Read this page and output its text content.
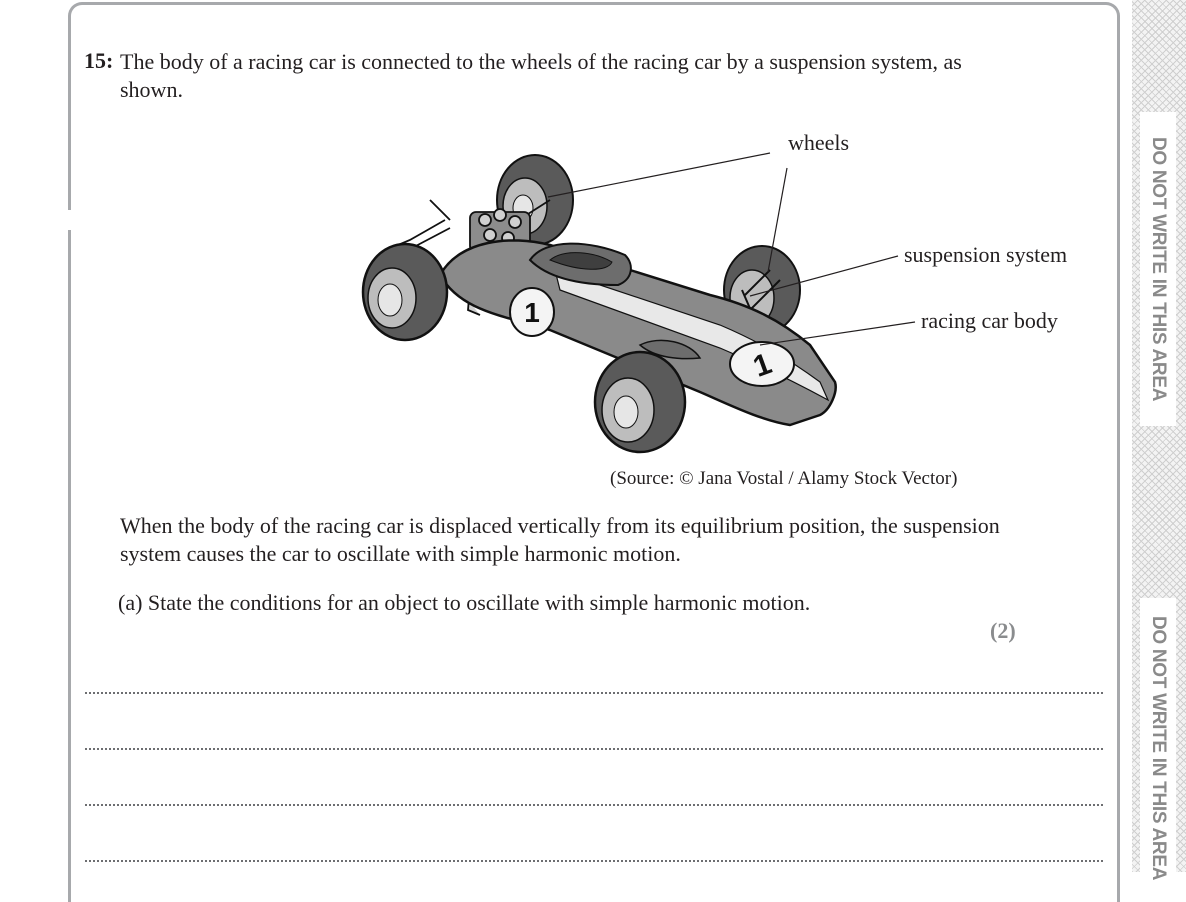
DO NOT WRITE IN THIS AREA
DO NOT WRITE IN THIS AREA
15: The body of a racing car is connected to the wheels of the racing car by a suspension system, as shown.
1
1
wheels
suspension system
racing car body
(Source: © Jana Vostal / Alamy Stock Vector)
When the body of the racing car is displaced vertically from its equilibrium position, the suspension system causes the car to oscillate with simple harmonic motion.
(a) State the conditions for an object to oscillate with simple harmonic motion.
(2)
